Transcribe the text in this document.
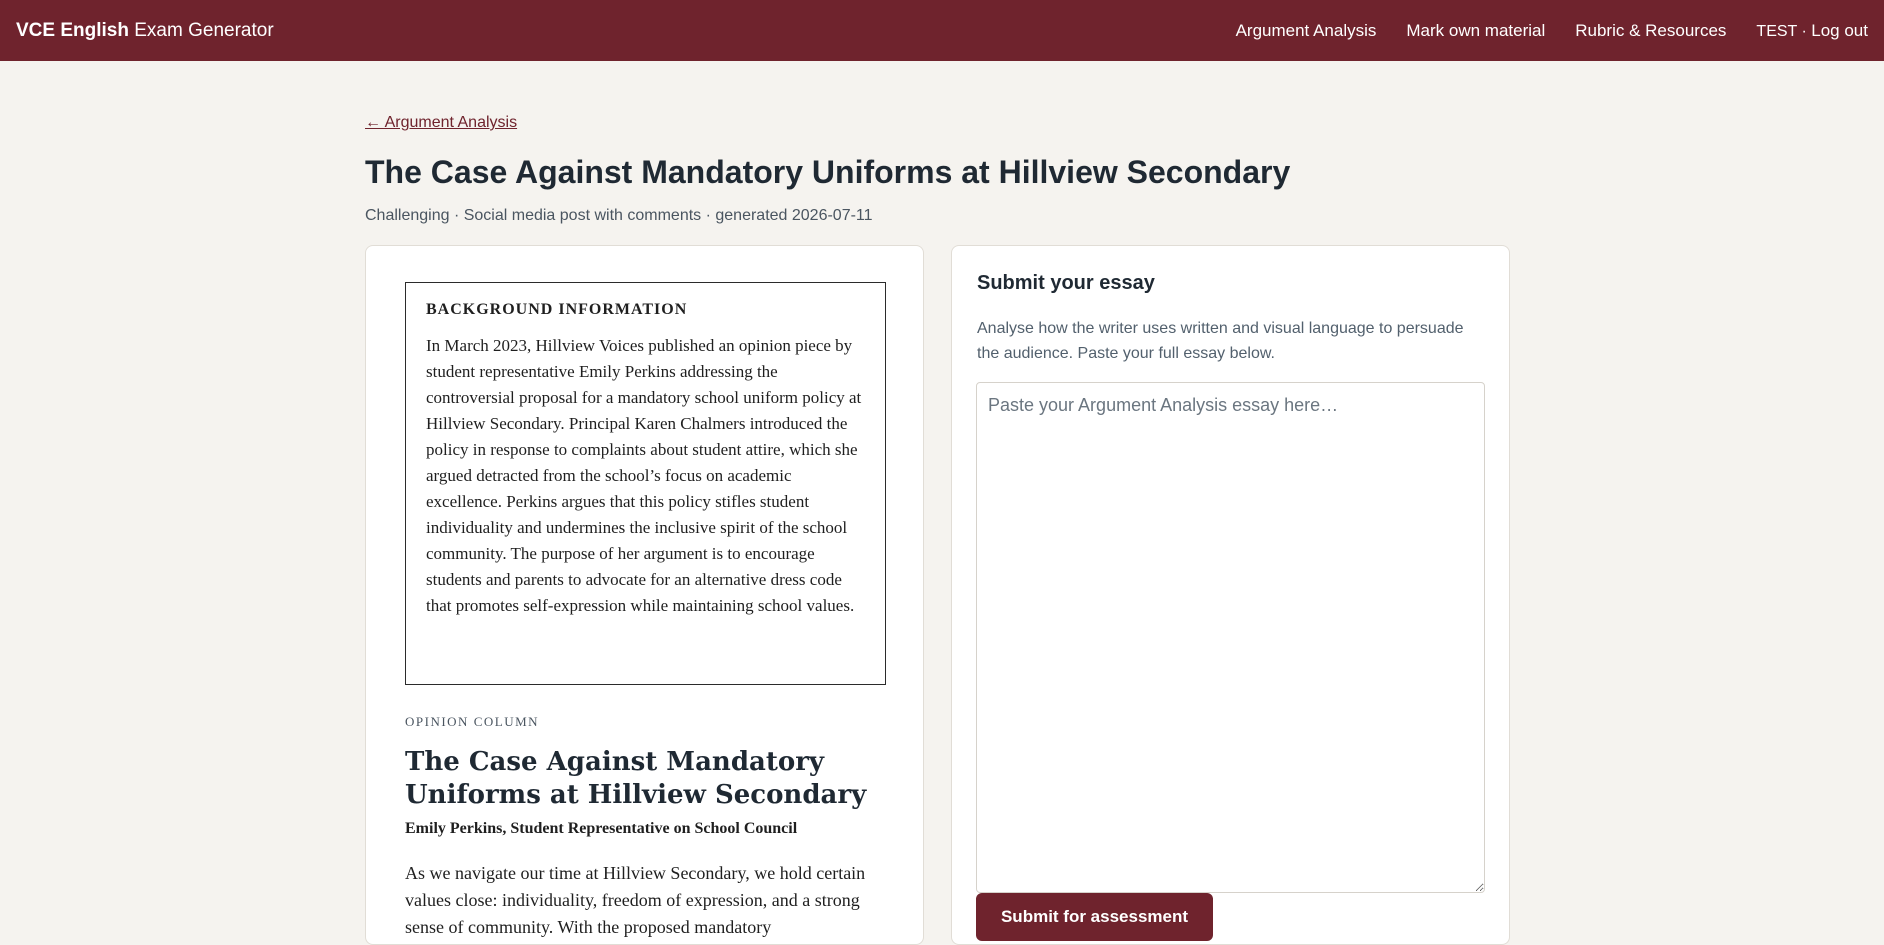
VCE English Exam Generator	Argument Analysis Mark own material Rubric & Resources TEST · Log out
← Argument Analysis
The Case Against Mandatory Uniforms at Hillview Secondary
Challenging · Social media post with comments · generated 2026-07-11
BACKGROUND INFORMATION

In March 2023, Hillview Voices published an opinion piece by student representative Emily Perkins addressing the controversial proposal for a mandatory school uniform policy at Hillview Secondary. Principal Karen Chalmers introduced the policy in response to complaints about student attire, which she argued detracted from the school’s focus on academic excellence. Perkins argues that this policy stifles student individuality and undermines the inclusive spirit of the school community. The purpose of her argument is to encourage students and parents to advocate for an alternative dress code that promotes self-expression while maintaining school values.

OPINION COLUMN
The Case Against Mandatory Uniforms at Hillview Secondary
Emily Perkins, Student Representative on School Council

As we navigate our time at Hillview Secondary, we hold certain values close: individuality, freedom of expression, and a strong sense of community. With the proposed mandatory

Submit your essay

Analyse how the writer uses written and visual language to persuade the audience. Paste your full essay below.

Paste your Argument Analysis essay here…
Submit for assessment
